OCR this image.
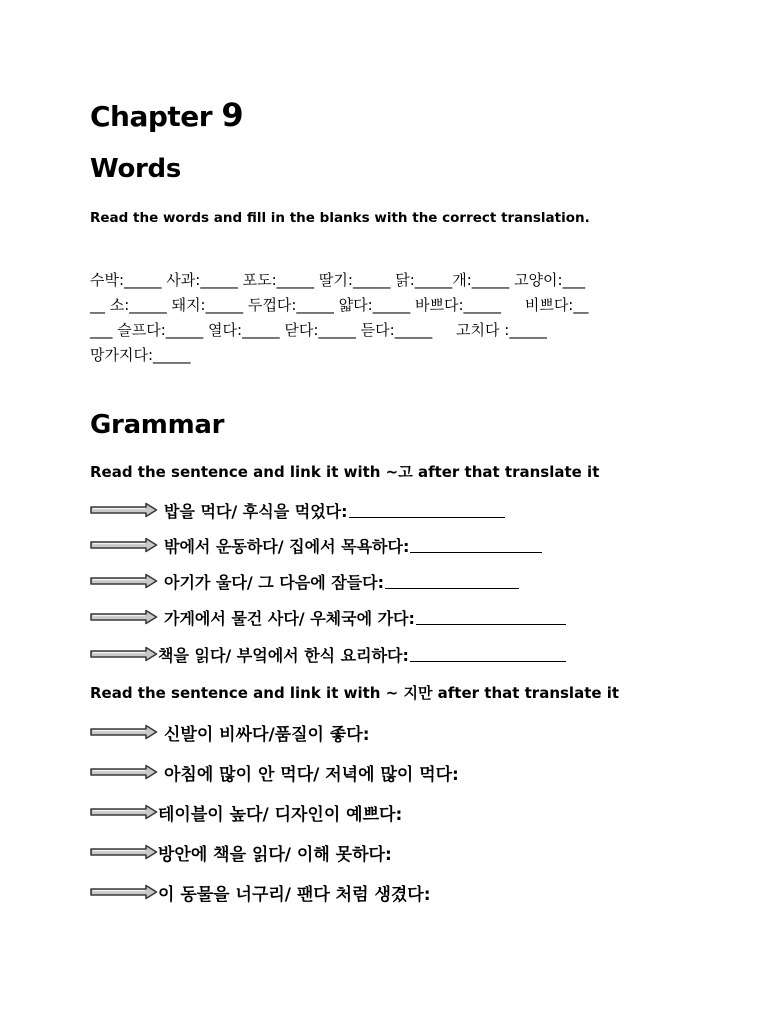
Chapter 9
Words
Read the words and fill in the blanks with the correct translation.
수박:_____ 사과:_____ 포도:_____ 딸기:_____ 닭:_____개:_____ 고양이:___
__ 소:_____ 돼지:_____ 두껍다:_____ 얇다:_____ 바쁘다:_____     비쁘다:__
___ 슬프다:_____ 열다:_____ 닫다:_____ 듣다:_____     고치다 :_____
망가지다:_____
Grammar
Read the sentence and link it with ~고 after that translate it
밥을 먹다/ 후식을 먹었다:
밖에서 운동하다/ 집에서 목욕하다:
아기가 울다/ 그 다음에 잠들다:
가게에서 물건 사다/ 우체국에 가다:
책을 읽다/ 부엌에서 한식 요리하다:
Read the sentence and link it with ~ 지만 after that translate it
신발이 비싸다/품질이 좋다:
아침에 많이 안 먹다/ 저녁에 많이 먹다:
테이블이 높다/ 디자인이 예쁘다:
방안에 책을 읽다/ 이해 못하다:
이 동물을 너구리/ 팬다 처럼 생겼다:
